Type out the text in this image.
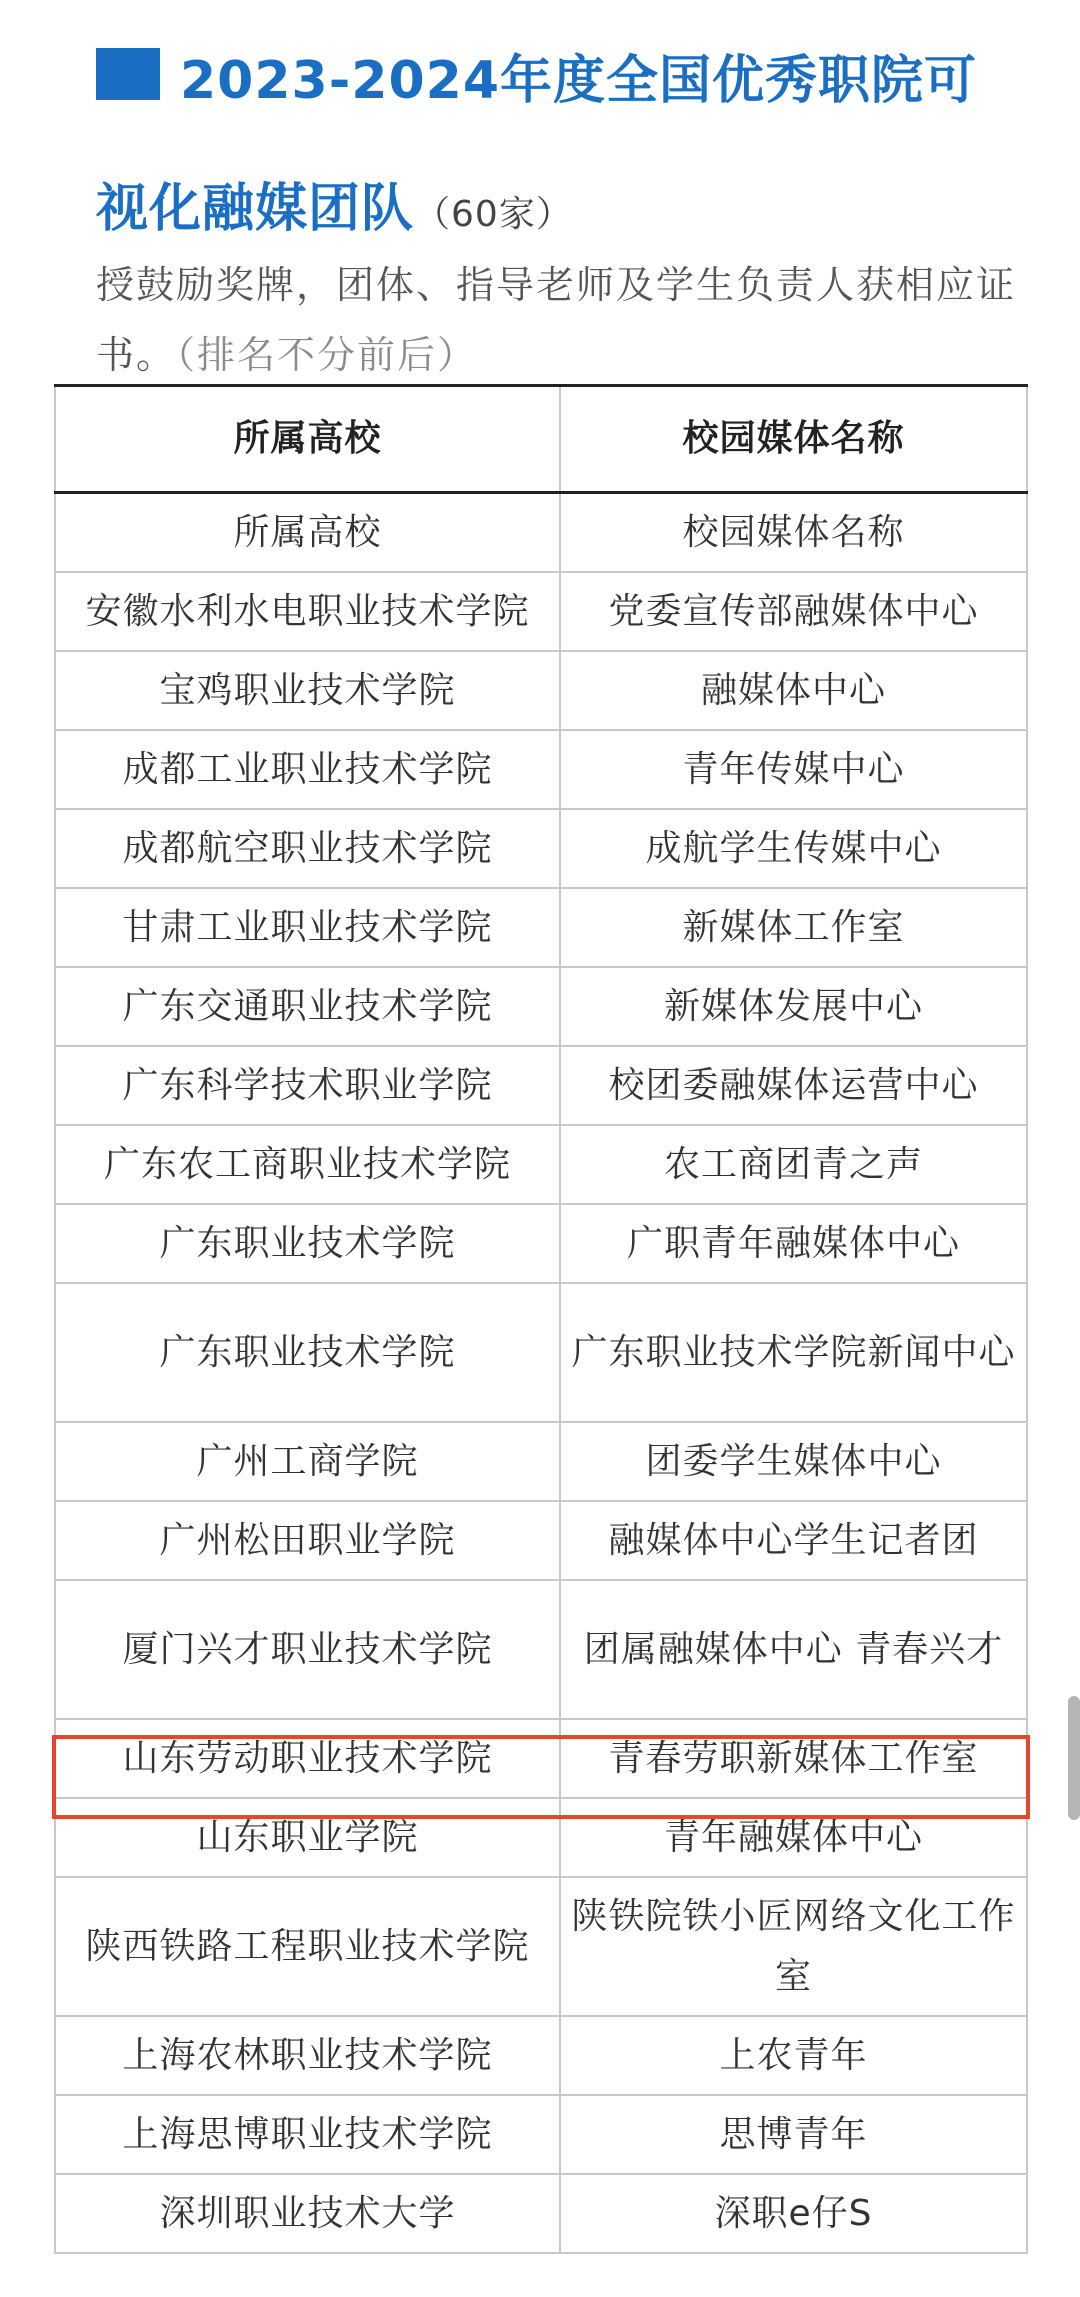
2023-2024年度全国优秀职院可
视化融媒团队（60家）
授鼓励奖牌，团体、指导老师及学生负责人获相应证书。（排名不分前后）
所属高校	校园媒体名称
所属高校	校园媒体名称
安徽水利水电职业技术学院	党委宣传部融媒体中心
宝鸡职业技术学院	融媒体中心
成都工业职业技术学院	青年传媒中心
成都航空职业技术学院	成航学生传媒中心
甘肃工业职业技术学院	新媒体工作室
广东交通职业技术学院	新媒体发展中心
广东科学技术职业学院	校团委融媒体运营中心
广东农工商职业技术学院	农工商团青之声
广东职业技术学院	广职青年融媒体中心
广东职业技术学院	广东职业技术学院新闻中心
广州工商学院	团委学生媒体中心
广州松田职业学院	融媒体中心学生记者团
厦门兴才职业技术学院	团属融媒体中心 青春兴才
山东劳动职业技术学院	青春劳职新媒体工作室
山东职业学院	青年融媒体中心
陕西铁路工程职业技术学院	陕铁院铁小匠网络文化工作室
上海农林职业技术学院	上农青年
上海思博职业技术学院	思博青年
深圳职业技术大学	深职e仔S
